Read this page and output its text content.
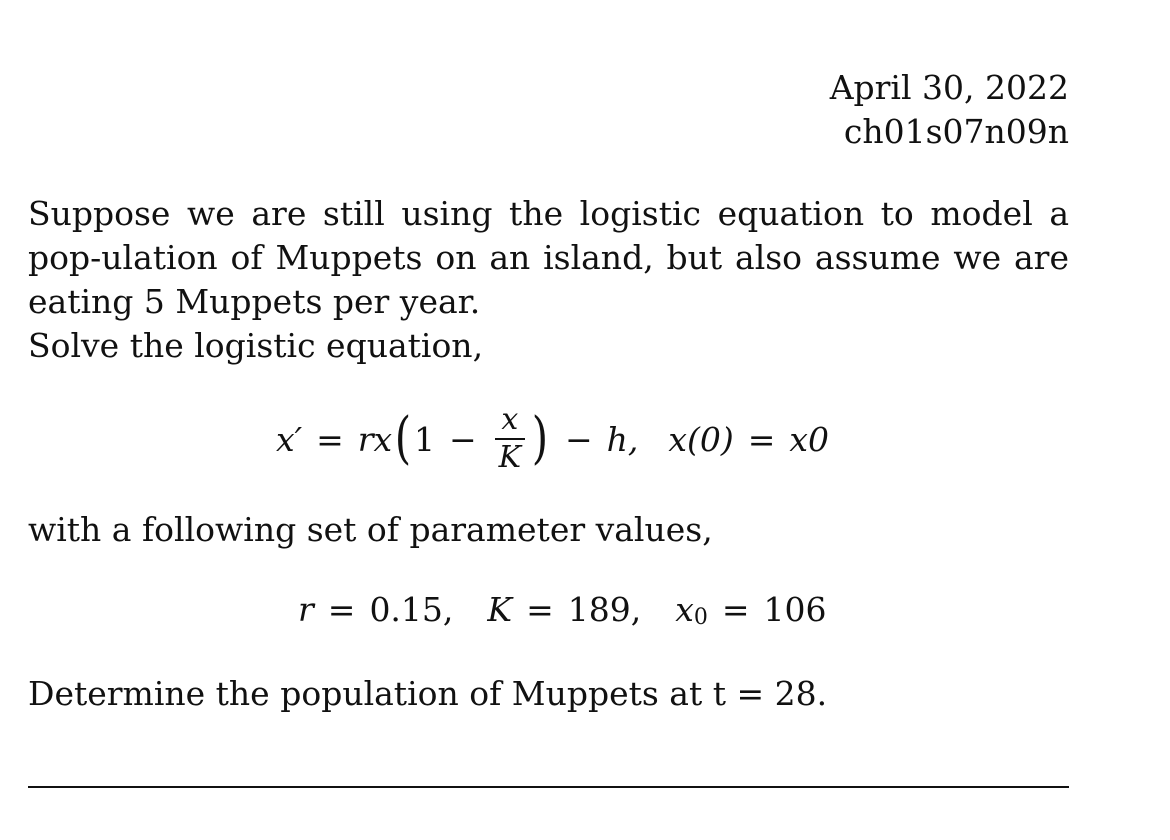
April 30, 2022
ch01s07n09n
Suppose we are still using the logistic equation to model a pop-ulation of Muppets on an island, but also assume we are eating 5 Muppets per year.
Solve the logistic equation,
x′ = rx ( $1 - \frac{x}{K}$ ) − h, x(0) = x0
with a following set of parameter values,
r = 0.15, K = 189, x 0 = 106
Determine the population of Muppets at t = 28.
